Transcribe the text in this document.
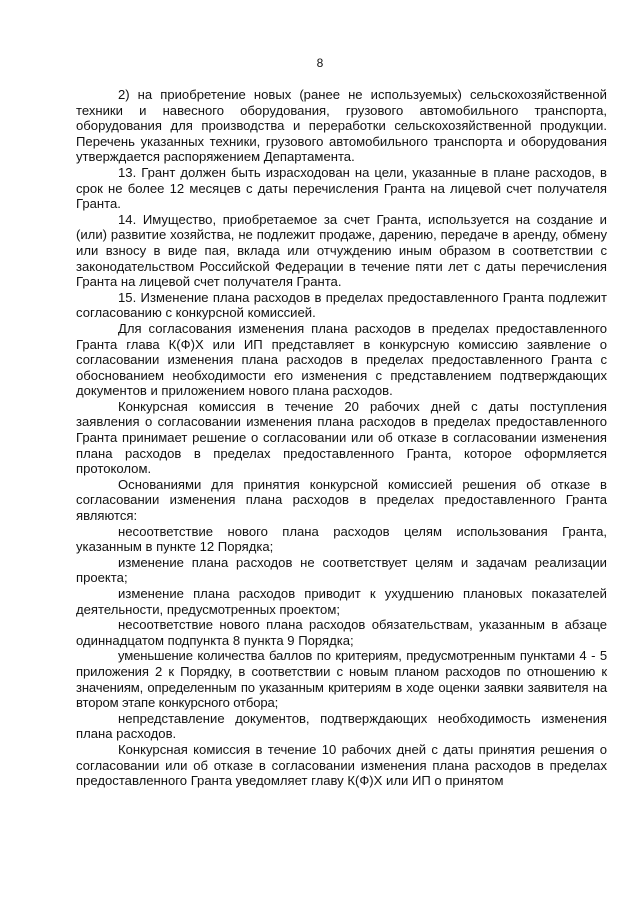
8

2) на приобретение новых (ранее не используемых) сельскохозяйственной техники и навесного оборудования, грузового автомобильного транспорта, оборудования для производства и переработки сельскохозяйственной продукции. Перечень указанных техники, грузового автомобильного транспорта и оборудования утверждается распоряжением Департамента.

13. Грант должен быть израсходован на цели, указанные в плане расходов, в срок не более 12 месяцев с даты перечисления Гранта на лицевой счет получателя Гранта.

14. Имущество, приобретаемое за счет Гранта, используется на создание и (или) развитие хозяйства, не подлежит продаже, дарению, передаче в аренду, обмену или взносу в виде пая, вклада или отчуждению иным образом в соответствии с законодательством Российской Федерации в течение пяти лет с даты перечисления Гранта на лицевой счет получателя Гранта.

15. Изменение плана расходов в пределах предоставленного Гранта подлежит согласованию с конкурсной комиссией.

Для согласования изменения плана расходов в пределах предоставленного Гранта глава К(Ф)Х или ИП представляет в конкурсную комиссию заявление о согласовании изменения плана расходов в пределах предоставленного Гранта с обоснованием необходимости его изменения с представлением подтверждающих документов и приложением нового плана расходов.

Конкурсная комиссия в течение 20 рабочих дней с даты поступления заявления о согласовании изменения плана расходов в пределах предоставленного Гранта принимает решение о согласовании или об отказе в согласовании изменения плана расходов в пределах предоставленного Гранта, которое оформляется протоколом.

Основаниями для принятия конкурсной комиссией решения об отказе в согласовании изменения плана расходов в пределах предоставленного Гранта являются:

несоответствие нового плана расходов целям использования Гранта, указанным в пункте 12 Порядка;

изменение плана расходов не соответствует целям и задачам реализации проекта;

изменение плана расходов приводит к ухудшению плановых показателей деятельности, предусмотренных проектом;

несоответствие нового плана расходов обязательствам, указанным в абзаце одиннадцатом подпункта 8 пункта 9 Порядка;

уменьшение количества баллов по критериям, предусмотренным пунктами 4 - 5 приложения 2 к Порядку, в соответствии с новым планом расходов по отношению к значениям, определенным по указанным критериям в ходе оценки заявки заявителя на втором этапе конкурсного отбора;

непредставление документов, подтверждающих необходимость изменения плана расходов.

Конкурсная комиссия в течение 10 рабочих дней с даты принятия решения о согласовании или об отказе в согласовании изменения плана расходов в пределах предоставленного Гранта уведомляет главу К(Ф)Х или ИП о принятом
